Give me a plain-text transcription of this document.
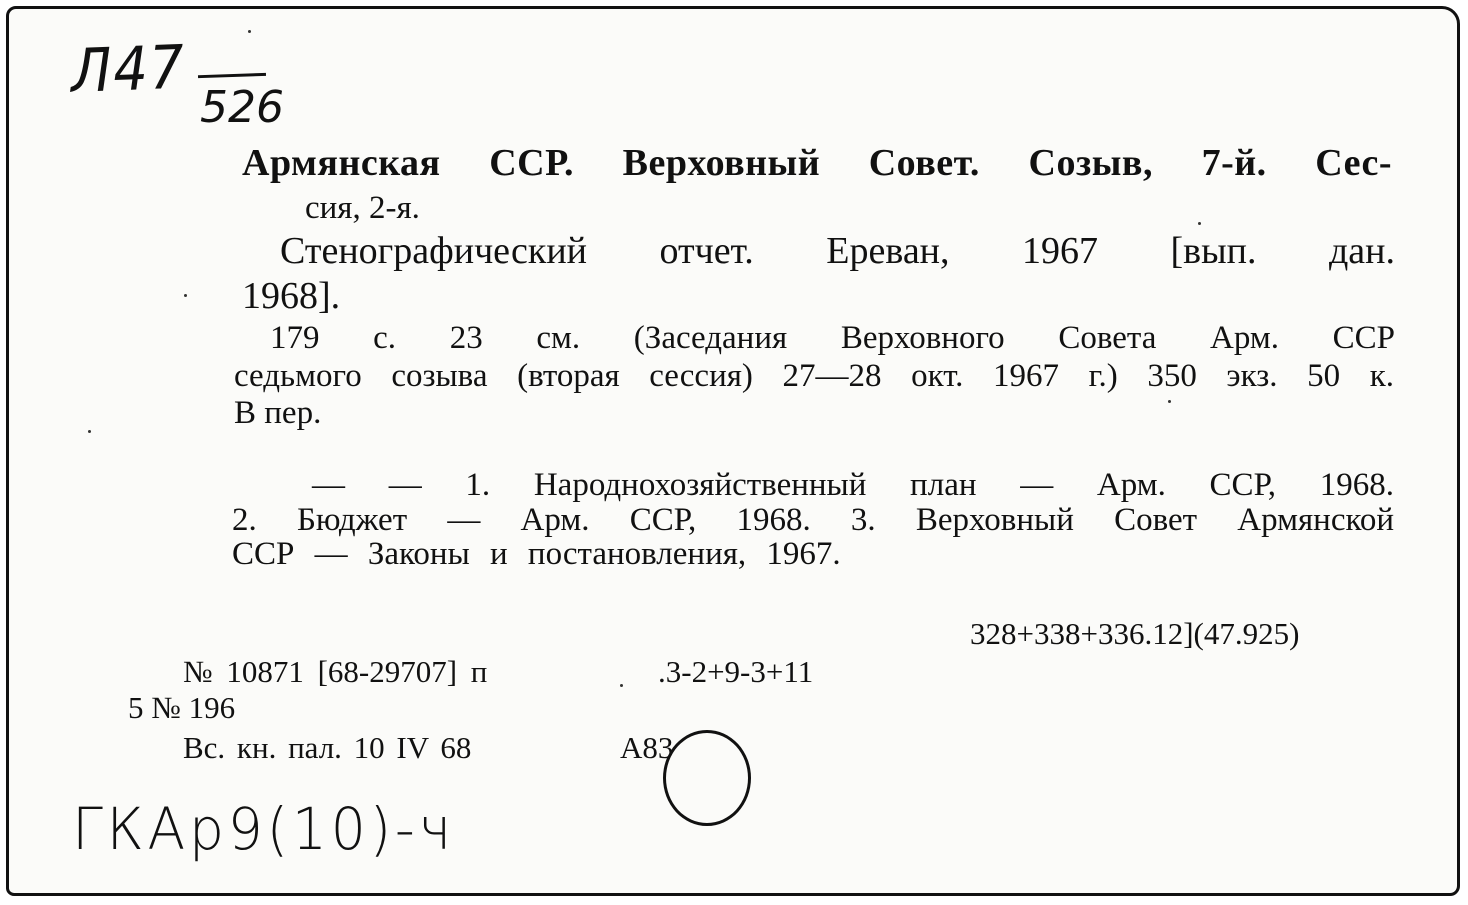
Л47
526
Армянская ССР. Верховный Совет. Созыв, 7-й. Сес-
сия, 2-я.
Стенографический отчет. Ереван, 1967 [вып. дан.
1968].
179 с. 23 см. (Заседания Верховного Совета Арм. ССР
седьмого созыва (вторая сессия) 27—28 окт. 1967 г.) 350 экз. 50 к.
В пер.
— — 1. Народнохозяйственный план — Арм. ССР, 1968.
2. Бюджет — Арм. ССР, 1968. 3. Верховный Совет Армянской
ССР — Законы и постановления, 1967.
328+338+336.12](47.925)
№ 10871 [68-29707] п	.3-2+9-3+11
5 № 196
Вс. кн. пал. 10 IV 68	А83
ГКАр9(10)-ч
